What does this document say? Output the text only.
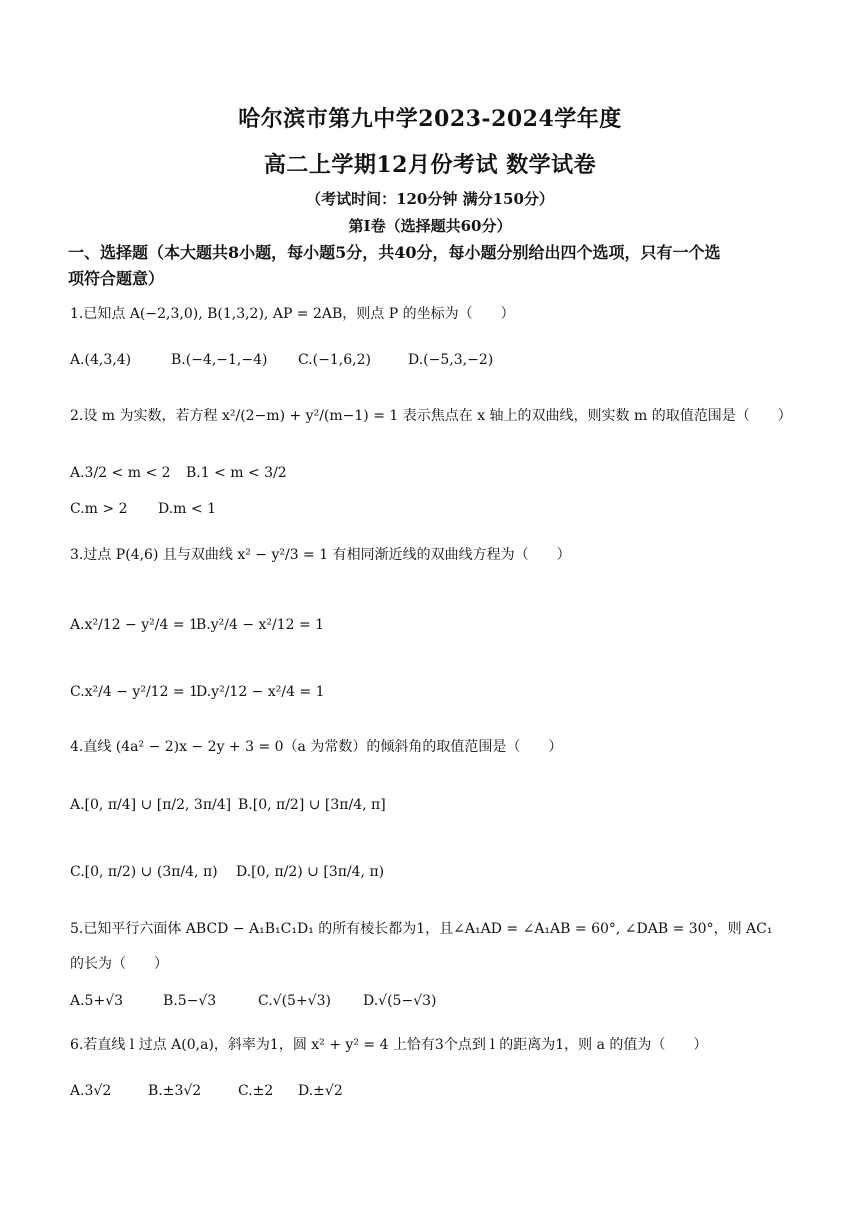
哈尔滨市第九中学2023-2024学年度
高二上学期12月份考试 数学试卷
（考试时间：120分钟 满分150分）
第Ⅰ卷（选择题共60分）
一、选择题（本大题共8小题，每小题5分，共40分，每小题分别给出四个选项，只有一个选
项符合题意）
1.已知点 A(−2,3,0), B(1,3,2), AP = 2AB，则点 P 的坐标为（　　）
A.(4,3,4)	B.(−4,−1,−4) C.(−1,6,2)	D.(−5,3,−2)
2.设 m 为实数，若方程 x²/(2−m) + y²/(m−1) = 1 表示焦点在 x 轴上的双曲线，则实数 m 的取值范围是（　　）
A.3/2 < m < 2 B.1 < m < 3/2
C.m > 2 D.m < 1
3.过点 P(4,6) 且与双曲线 x² − y²/3 = 1 有相同渐近线的双曲线方程为（　　）
A.x²/12 − y²/4 = 1
B.y²/4 − x²/12 = 1
C.x²/4 − y²/12 = 1
D.y²/12 − x²/4 = 1
4.直线 (4a² − 2)x − 2y + 3 = 0（a 为常数）的倾斜角的取值范围是（　　）
A.[0, π/4] ∪ [π/2, 3π/4] B.[0, π/2] ∪ [3π/4, π]
C.[0, π/2) ∪ (3π/4, π) D.[0, π/2) ∪ [3π/4, π)
5.已知平行六面体 ABCD − A₁B₁C₁D₁ 的所有棱长都为1，且∠A₁AD = ∠A₁AB = 60°, ∠DAB = 30°，则 AC₁
的长为（　　）
A.5+√3	B.5−√3	C.√(5+√3) D.√(5−√3)
6.若直线 l 过点 A(0,a)，斜率为1，圆 x² + y² = 4 上恰有3个点到 l 的距离为1，则 a 的值为（　　）
A.3√2	B.±3√2	C.±2 D.±√2
